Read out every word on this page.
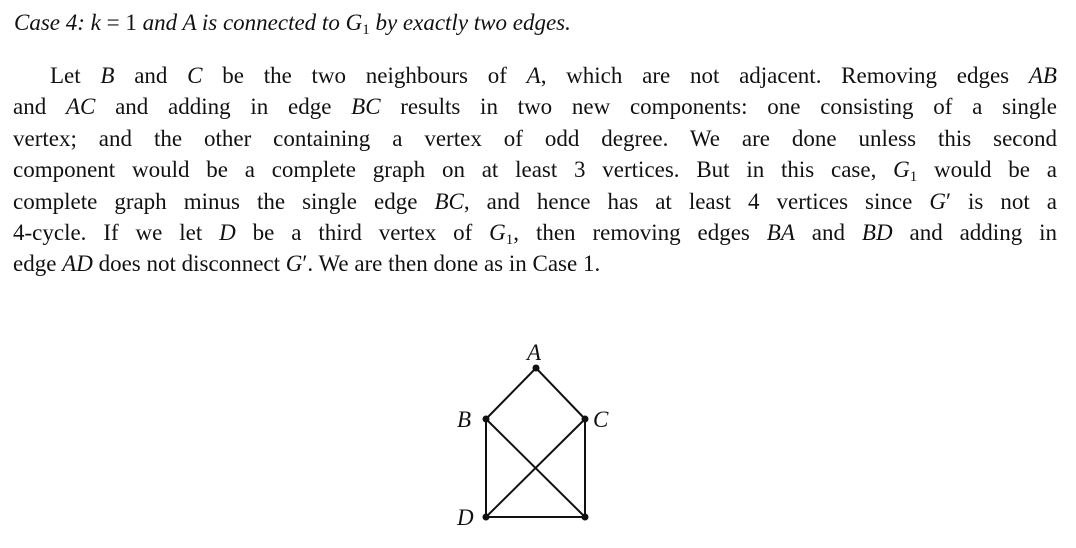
Case 4: k = 1 and A is connected to $G_1$ by exactly two edges.
Let B and C be the two neighbours of A, which are not adjacent. Removing edges AB
and AC and adding in edge BC results in two new components: one consisting of a single
vertex; and the other containing a vertex of odd degree. We are done unless this second
component would be a complete graph on at least 3 vertices. But in this case, $G_1$ would be a
complete graph minus the single edge BC, and hence has at least 4 vertices since G′ is not a
4-cycle. If we let D be a third vertex of $G_1$, then removing edges BA and BD and adding in
edge AD does not disconnect G′. We are then done as in Case 1.
A
B	C
D
